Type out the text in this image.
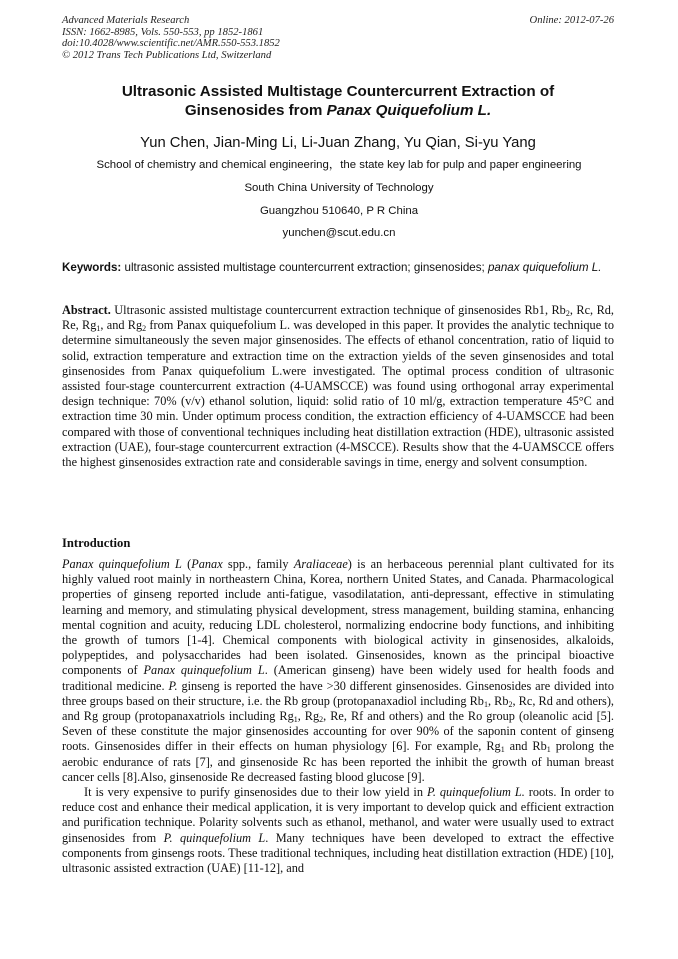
Advanced Materials Research
ISSN: 1662-8985, Vols. 550-553, pp 1852-1861
doi:10.4028/www.scientific.net/AMR.550-553.1852
© 2012 Trans Tech Publications Ltd, Switzerland
Online: 2012-07-26
Ultrasonic Assisted Multistage Countercurrent Extraction of
Ginsenosides from Panax Quiquefolium L.
Yun Chen, Jian-Ming Li, Li-Juan Zhang, Yu Qian, Si-yu Yang
School of chemistry and chemical engineering，the state key lab for pulp and paper engineering
South China University of Technology
Guangzhou 510640, P R China
yunchen@scut.edu.cn
Keywords: ultrasonic assisted multistage countercurrent extraction; ginsenosides; panax quiquefolium L.
Abstract. Ultrasonic assisted multistage countercurrent extraction technique of ginsenosides Rb1, $Rb_2$, Rc, Rd, Re, $Rg_1$, and $Rg_2$ from Panax quiquefolium L. was developed in this paper. It provides the analytic technique to determine simultaneously the seven major ginsenosides. The effects of ethanol concentration, ratio of liquid to solid, extraction temperature and extraction time on the extraction yields of the seven ginsenosides and total ginsenosides from Panax quiquefolium L.were investigated. The optimal process condition of ultrasonic assisted four-stage countercurrent extraction (4-UAMSCCE) was found using orthogonal array experimental design technique: 70% (v/v) ethanol solution, liquid: solid ratio of 10 ml/g, extraction temperature 45°C and extraction time 30 min. Under optimum process condition, the extraction efficiency of 4-UAMSCCE had been compared with those of conventional techniques including heat distillation extraction (HDE), ultrasonic assisted extraction (UAE), four-stage countercurrent extraction (4-MSCCE). Results show that the 4-UAMSCCE offers the highest ginsenosides extraction rate and considerable savings in time, energy and solvent consumption.
Introduction

Panax quinquefolium L (Panax spp., family Araliaceae) is an herbaceous perennial plant cultivated for its highly valued root mainly in northeastern China, Korea, northern United States, and Canada. Pharmacological properties of ginseng reported include anti-fatigue, vasodilatation, anti-depressant, effective in stimulating learning and memory, and stimulating physical development, stress management, building stamina, enhancing mental cognition and acuity, reducing LDL cholesterol, normalizing endocrine body functions, and inhibiting the growth of tumors [1-4]. Chemical components with biological activity in ginsenosides, alkaloids, polypeptides, and polysaccharides had been isolated. Ginsenosides, known as the principal bioactive components of Panax quinquefolium L. (American ginseng) have been widely used for health foods and traditional medicine. P. ginseng is reported the have >30 different ginsenosides. Ginsenosides are divided into three groups based on their structure, i.e. the Rb group (protopanaxadiol including $Rb_1$, $Rb_2$, Rc, Rd and others), and Rg group (protopanaxatriols including $Rg_1$, $Rg_2$, Re, Rf and others) and the Ro group (oleanolic acid [5]. Seven of these constitute the major ginsenosides accounting for over 90% of the saponin content of ginseng roots. Ginsenosides differ in their effects on human physiology [6]. For example, $Rg_1$ and $Rb_1$ prolong the aerobic endurance of rats [7], and ginsenoside Rc has been reported the inhibit the growth of human breast cancer cells [8].Also, ginsenoside Re decreased fasting blood glucose [9].

It is very expensive to purify ginsenosides due to their low yield in P. quinquefolium L. roots. In order to reduce cost and enhance their medical application, it is very important to develop quick and efficient extraction and purification technique. Polarity solvents such as ethanol, methanol, and water were usually used to extract ginsenosides from P. quinquefolium L. Many techniques have been developed to extract the effective components from ginsengs roots. These traditional techniques, including heat distillation extraction (HDE) [10], ultrasonic assisted extraction (UAE) [11-12], and
